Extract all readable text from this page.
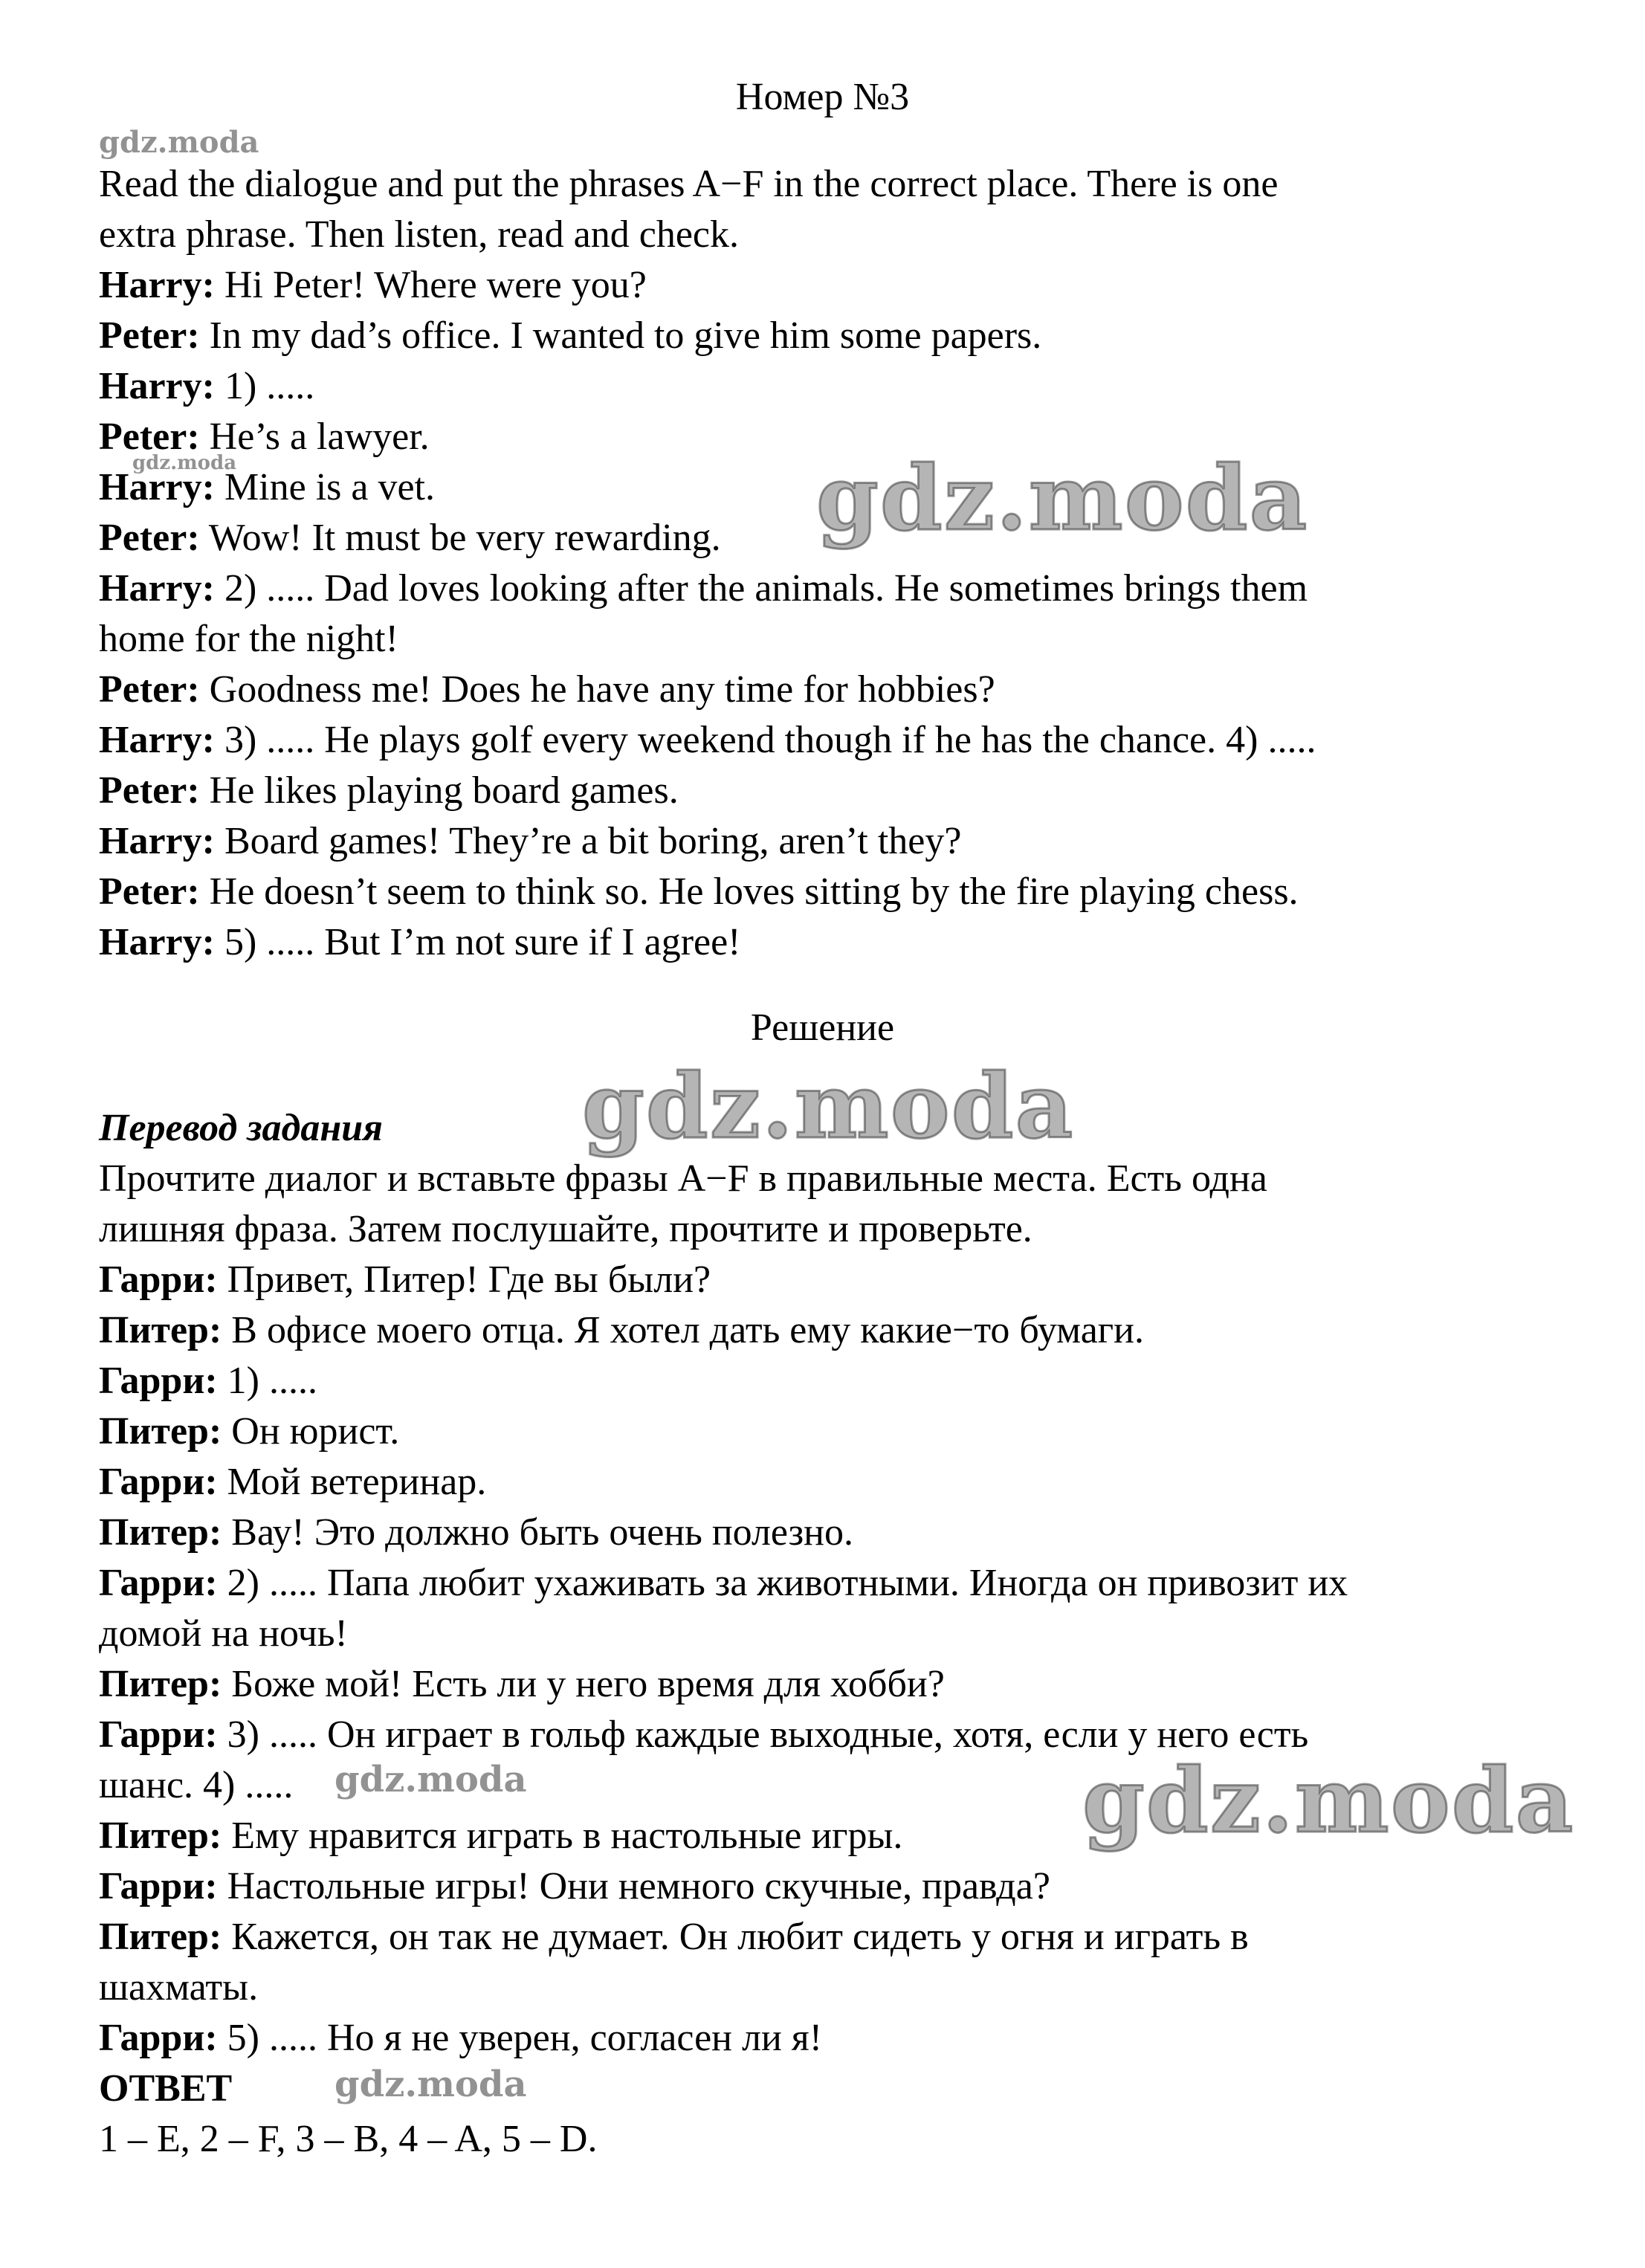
Номер №3
Read the dialogue and put the phrases A−F in the correct place. There is one
extra phrase. Then listen, read and check.
Harry: Hi Peter! Where were you?
Peter: In my dad’s office. I wanted to give him some papers.
Harry: 1) .....
Peter: He’s a lawyer.
Harry: Mine is a vet.
Peter: Wow! It must be very rewarding.
Harry: 2) ..... Dad loves looking after the animals. He sometimes brings them
home for the night!
Peter: Goodness me! Does he have any time for hobbies?
Harry: 3) ..... He plays golf every weekend though if he has the chance. 4) .....
Peter: He likes playing board games.
Harry: Board games! They’re a bit boring, aren’t they?
Peter: He doesn’t seem to think so. He loves sitting by the fire playing chess.
Harry: 5) ..... But I’m not sure if I agree!
Решение
Перевод задания
Прочтите диалог и вставьте фразы А−F в правильные места. Есть одна
лишняя фраза. Затем послушайте, прочтите и проверьте.
Гарри: Привет, Питер! Где вы были?
Питер: В офисе моего отца. Я хотел дать ему какие−то бумаги.
Гарри: 1) .....
Питер: Он юрист.
Гарри: Мой ветеринар.
Питер: Вау! Это должно быть очень полезно.
Гарри: 2) ..... Папа любит ухаживать за животными. Иногда он привозит их
домой на ночь!
Питер: Боже мой! Есть ли у него время для хобби?
Гарри: 3) ..... Он играет в гольф каждые выходные, хотя, если у него есть
шанс. 4) .....
Питер: Ему нравится играть в настольные игры.
Гарри: Настольные игры! Они немного скучные, правда?
Питер: Кажется, он так не думает. Он любит сидеть у огня и играть в
шахматы.
Гарри: 5) ..... Но я не уверен, согласен ли я!
ОТВЕТ
1 – E, 2 – F, 3 – B, 4 – A, 5 – D.
gdz.moda
gdz.moda	gdz.moda
gdz.moda
gdz.moda	gdz.moda
gdz.moda
